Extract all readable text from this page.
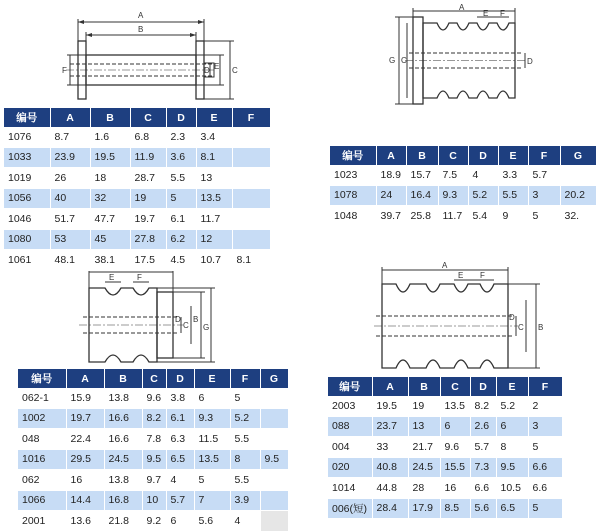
A
B
C
D E
F
A
E F
C	D
G
E	F
C
D
G
B
A
E F
C
D
B
编号	A	B	C	D	E	F
1076	8.7	1.6	6.8	2.3	3.4	
1033	23.9	19.5	11.9	3.6	8.1	
1019	26	18	28.7	5.5	13	
1056	40	32	19	5	13.5	
1046	51.7	47.7	19.7	6.1	11.7	
1080	53	45	27.8	6.2	12	
1061	48.1	38.1	17.5	4.5	10.7	8.1
编号	A	B	C	D	E	F	G
1023	18.9	15.7	7.5	4	3.3	5.7	
1078	24	16.4	9.3	5.2	5.5	3	20.2
1048	39.7	25.8	11.7	5.4	9	5	32.
编号	A	B	C	D	E	F	G
062-1	15.9	13.8	9.6	3.8	6	5	
1002	19.7	16.6	8.2	6.1	9.3	5.2	
048	22.4	16.6	7.8	6.3	11.5	5.5	
1016	29.5	24.5	9.5	6.5	13.5	8	9.5
062	16	13.8	9.7	4	5	5.5	
1066	14.4	16.8	10	5.7	7	3.9	
2001	13.6	21.8	9.2	6	5.6	4	
编号	A	B	C	D	E	F
2003	19.5	19	13.5	8.2	5.2	2
088	23.7	13	6	2.6	6	3
004	33	21.7	9.6	5.7	8	5
020	40.8	24.5	15.5	7.3	9.5	6.6
1014	44.8	28	16	6.6	10.5	6.6
006(短)	28.4	17.9	8.5	5.6	6.5	5
